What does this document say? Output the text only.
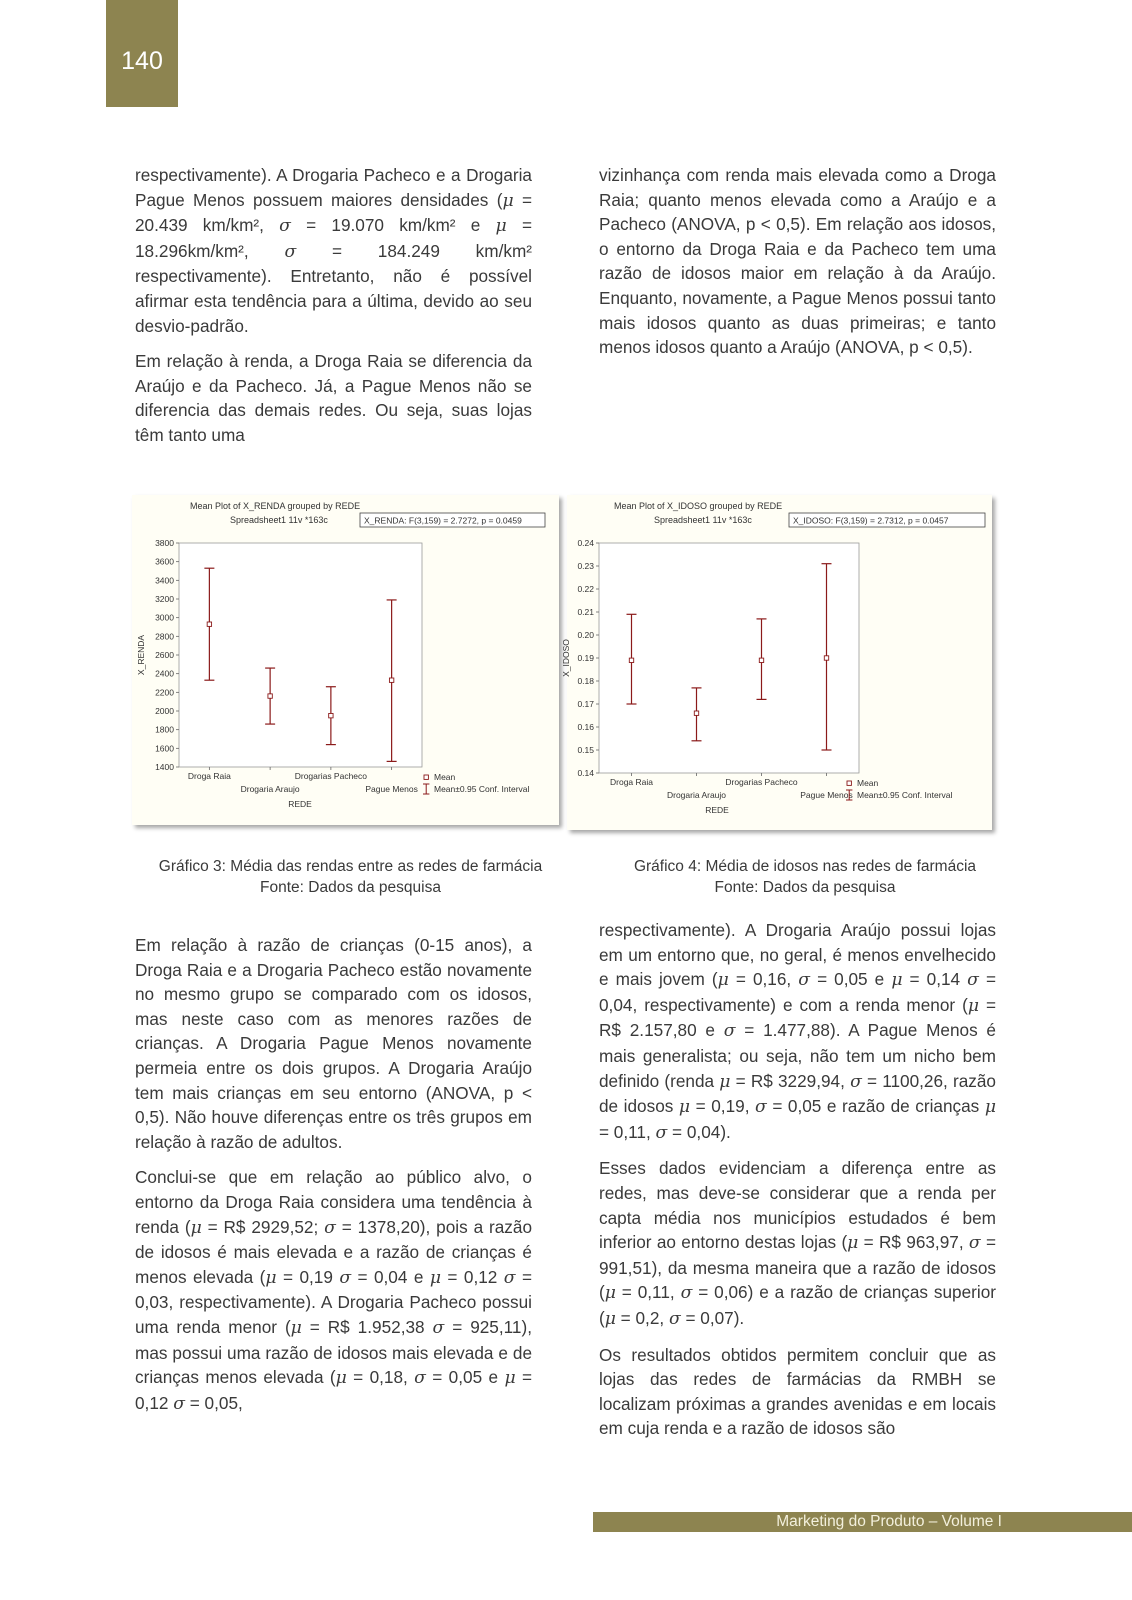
140

respectivamente). A Drogaria Pacheco e a Drogaria Pague Menos possuem maiores densidades (μ = 20.439 km/km², σ = 19.070 km/km² e μ = 18.296km/km², σ = 184.249 km/km² respectivamente). Entretanto, não é possível afirmar esta tendência para a última, devido ao seu desvio-padrão.

Em relação à renda, a Droga Raia se diferencia da Araújo e da Pacheco. Já, a Pague Menos não se diferencia das demais redes. Ou seja, suas lojas têm tanto uma

vizinhança com renda mais elevada como a Droga Raia; quanto menos elevada como a Araújo e a Pacheco (ANOVA, p < 0,5). Em relação aos idosos, o entorno da Droga Raia e da Pacheco tem uma razão de idosos maior em relação à da Araújo. Enquanto, novamente, a Pague Menos possui tanto mais idosos quanto as duas primeiras; e tanto menos idosos quanto a Araújo (ANOVA, p < 0,5).

Mean Plot of X_RENDA grouped by REDE
Spreadsheet1 11v *163c	X_RENDA: F(3,159) = 2.7272, p = 0.0459
1400
1600
1800
2000
2200
2400
2600
2800
3000
3200
3400
3600
3800
X_RENDA
Droga Raia
Drogaria Araujo
Drogarias Pacheco
Pague Menos
REDE
Mean
Mean±0.95 Conf. Interval
Mean Plot of X_IDOSO grouped by REDE
Spreadsheet1 11v *163c	X_IDOSO: F(3,159) = 2.7312, p = 0.0457
0.14
0.15
0.16
0.17
0.18
0.19
0.20
0.21
0.22
0.23
0.24
X_IDOSO
Droga Raia
Drogaria Araujo
Drogarias Pacheco
Pague Menos
REDE
Mean
Mean±0.95 Conf. Interval
Gráfico 3: Média das rendas entre as redes de farmácia
Fonte: Dados da pesquisa
Gráfico 4: Média de idosos nas redes de farmácia
Fonte: Dados da pesquisa

Em relação à razão de crianças (0-15 anos), a Droga Raia e a Drogaria Pacheco estão novamente no mesmo grupo se comparado com os idosos, mas neste caso com as menores razões de crianças. A Drogaria Pague Menos novamente permeia entre os dois grupos. A Drogaria Araújo tem mais crianças em seu entorno (ANOVA, p < 0,5). Não houve diferenças entre os três grupos em relação à razão de adultos.

Conclui-se que em relação ao público alvo, o entorno da Droga Raia considera uma tendência à renda (μ = R$ 2929,52; σ = 1378,20), pois a razão de idosos é mais elevada e a razão de crianças é menos elevada (μ = 0,19 σ = 0,04 e μ = 0,12 σ = 0,03, respectivamente). A Drogaria Pacheco possui uma renda menor (μ = R$ 1.952,38 σ = 925,11), mas possui uma razão de idosos mais elevada e de crianças menos elevada (μ = 0,18, σ = 0,05 e μ = 0,12 σ = 0,05,

respectivamente). A Drogaria Araújo possui lojas em um entorno que, no geral, é menos envelhecido e mais jovem (μ = 0,16, σ = 0,05 e μ = 0,14 σ = 0,04, respectivamente) e com a renda menor (μ = R$ 2.157,80 e σ = 1.477,88). A Pague Menos é mais generalista; ou seja, não tem um nicho bem definido (renda μ = R$ 3229,94, σ = 1100,26, razão de idosos μ = 0,19, σ = 0,05 e razão de crianças μ = 0,11, σ = 0,04).

Esses dados evidenciam a diferença entre as redes, mas deve-se considerar que a renda per capta média nos municípios estudados é bem inferior ao entorno destas lojas (μ = R$ 963,97, σ = 991,51), da mesma maneira que a razão de idosos (μ = 0,11, σ = 0,06) e a razão de crianças superior (μ = 0,2, σ = 0,07).

Os resultados obtidos permitem concluir que as lojas das redes de farmácias da RMBH se localizam próximas a grandes avenidas e em locais em cuja renda e a razão de idosos são

Marketing do Produto – Volume I
